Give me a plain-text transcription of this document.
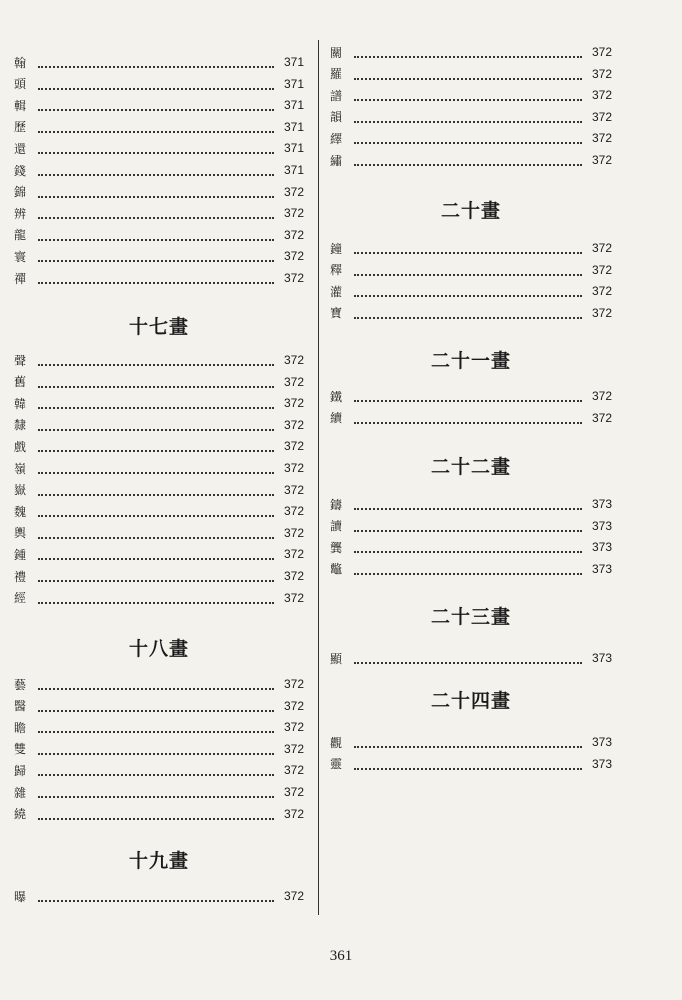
翰	371
頭	371
輯	371
歷	371
還	371
錢	371
錦	372
辨	372
龍	372
寰	372
禪	372
十七畫
聲	372
舊	372
韓	372
隸	372
戲	372
嶺	372
嶽	372
魏	372
輿	372
鍾	372
禮	372
經	372
十八畫
藝	372
醫	372
瞻	372
雙	372
歸	372
雜	372
繞	372
十九畫
曝	372
關	372
羅	372
譜	372
韻	372
繹	372
繡	372
二十畫
鐘	372
釋	372
灌	372
寶	372
二十一畫
鐵	372
續	372
二十二畫
鑄	373
讀	373
龔	373
鼈	373
二十三畫
顯	373
二十四畫
觀	373
靈	373
361
